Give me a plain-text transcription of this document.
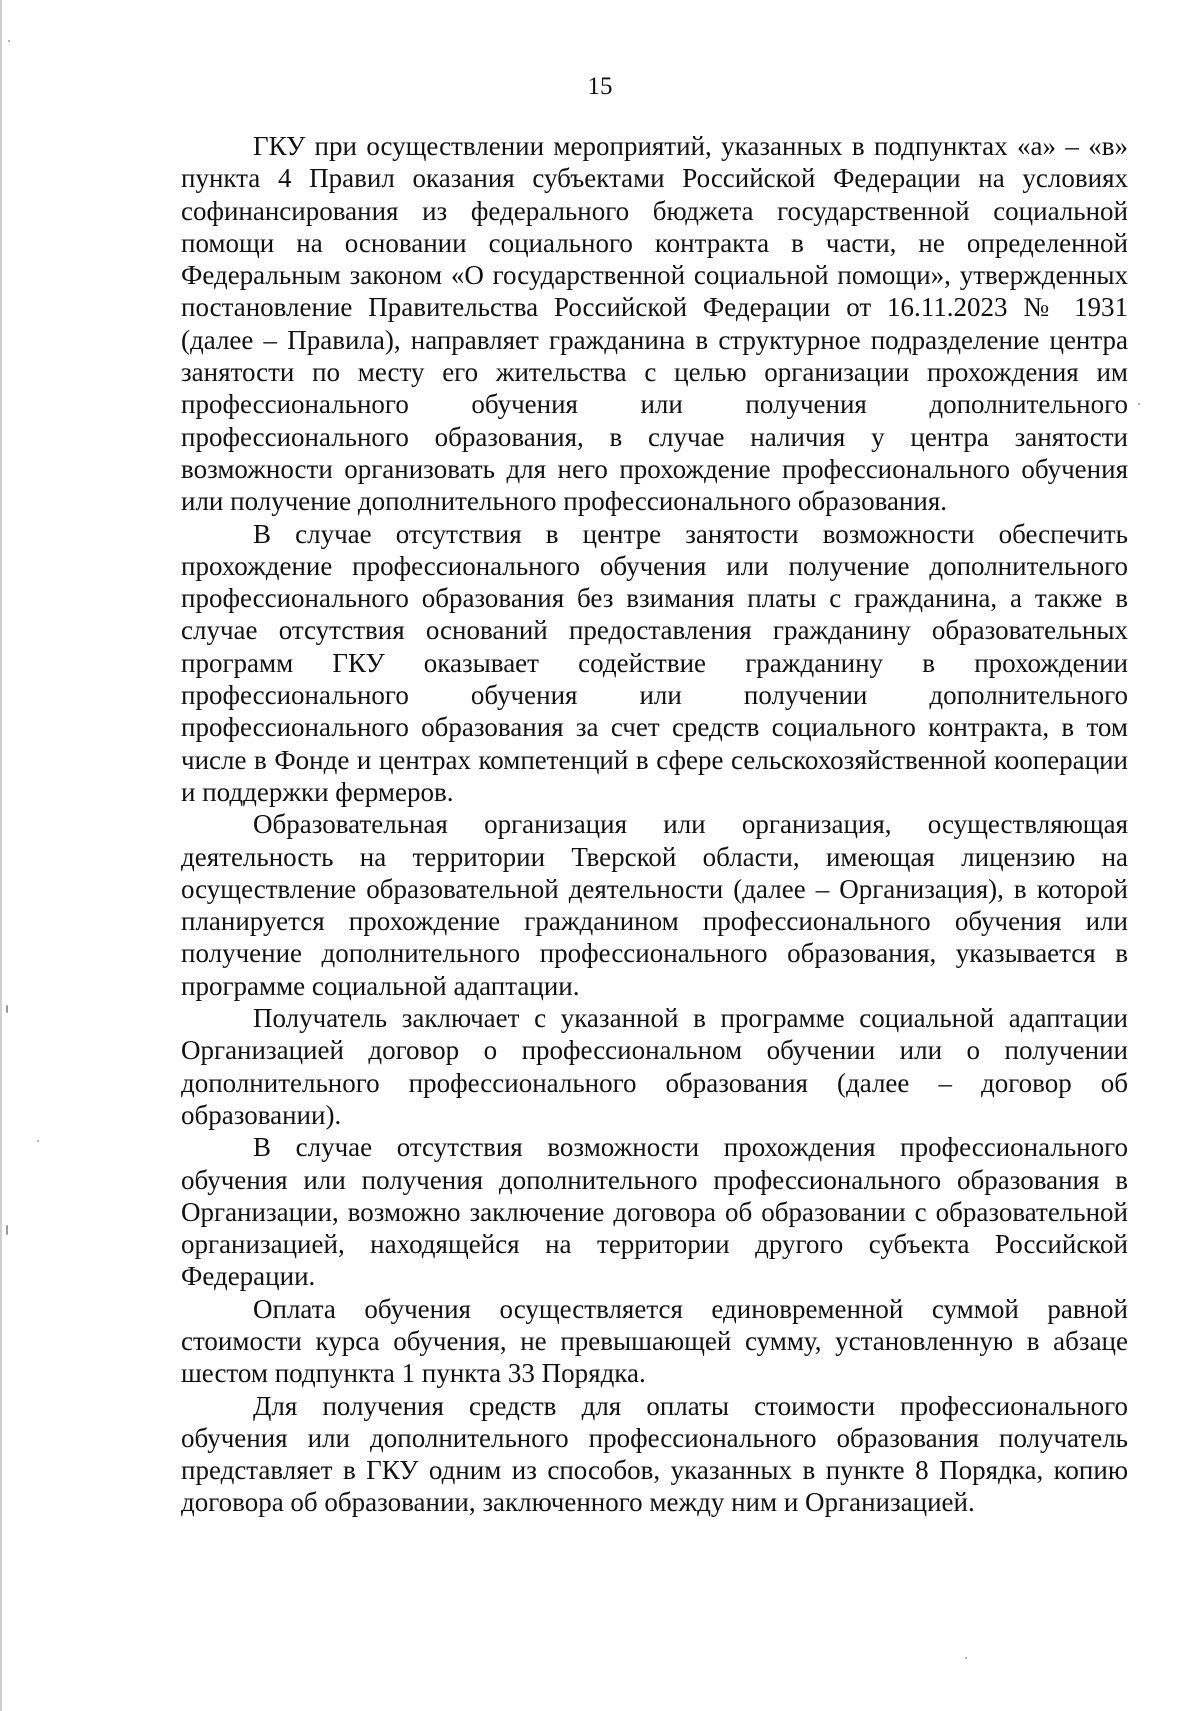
15

ГКУ при осуществлении мероприятий, указанных в подпунктах «а» – «в» пункта 4 Правил оказания субъектами Российской Федерации на условиях софинансирования из федерального бюджета государственной социальной помощи на основании социального контракта в части, не определенной Федеральным законом «О государственной социальной помощи», утвержденных постановление Правительства Российской Федерации от 16.11.2023 № 1931 (далее – Правила), направляет гражданина в структурное подразделение центра занятости по месту его жительства с целью организации прохождения им профессионального обучения или получения дополнительного профессионального образования, в случае наличия у центра занятости возможности организовать для него прохождение профессионального обучения или получение дополнительного профессионального образования.

В случае отсутствия в центре занятости возможности обеспечить прохождение профессионального обучения или получение дополнительного профессионального образования без взимания платы с гражданина, а также в случае отсутствия оснований предоставления гражданину образовательных программ ГКУ оказывает содействие гражданину в прохождении профессионального обучения или получении дополнительного профессионального образования за счет средств социального контракта, в том числе в Фонде и центрах компетенций в сфере сельскохозяйственной кооперации и поддержки фермеров.

Образовательная организация или организация, осуществляющая деятельность на территории Тверской области, имеющая лицензию на осуществление образовательной деятельности (далее – Организация), в которой планируется прохождение гражданином профессионального обучения или получение дополнительного профессионального образования, указывается в программе социальной адаптации.

Получатель заключает с указанной в программе социальной адаптации Организацией договор о профессиональном обучении или о получении дополнительного профессионального образования (далее – договор об образовании).

В случае отсутствия возможности прохождения профессионального обучения или получения дополнительного профессионального образования в Организации, возможно заключение договора об образовании с образовательной организацией, находящейся на территории другого субъекта Российской Федерации.

Оплата обучения осуществляется единовременной суммой равной стоимости курса обучения, не превышающей сумму, установленную в абзаце шестом подпункта 1 пункта 33 Порядка.

Для получения средств для оплаты стоимости профессионального обучения или дополнительного профессионального образования получатель представляет в ГКУ одним из способов, указанных в пункте 8 Порядка, копию договора об образовании, заключенного между ним и Организацией.
